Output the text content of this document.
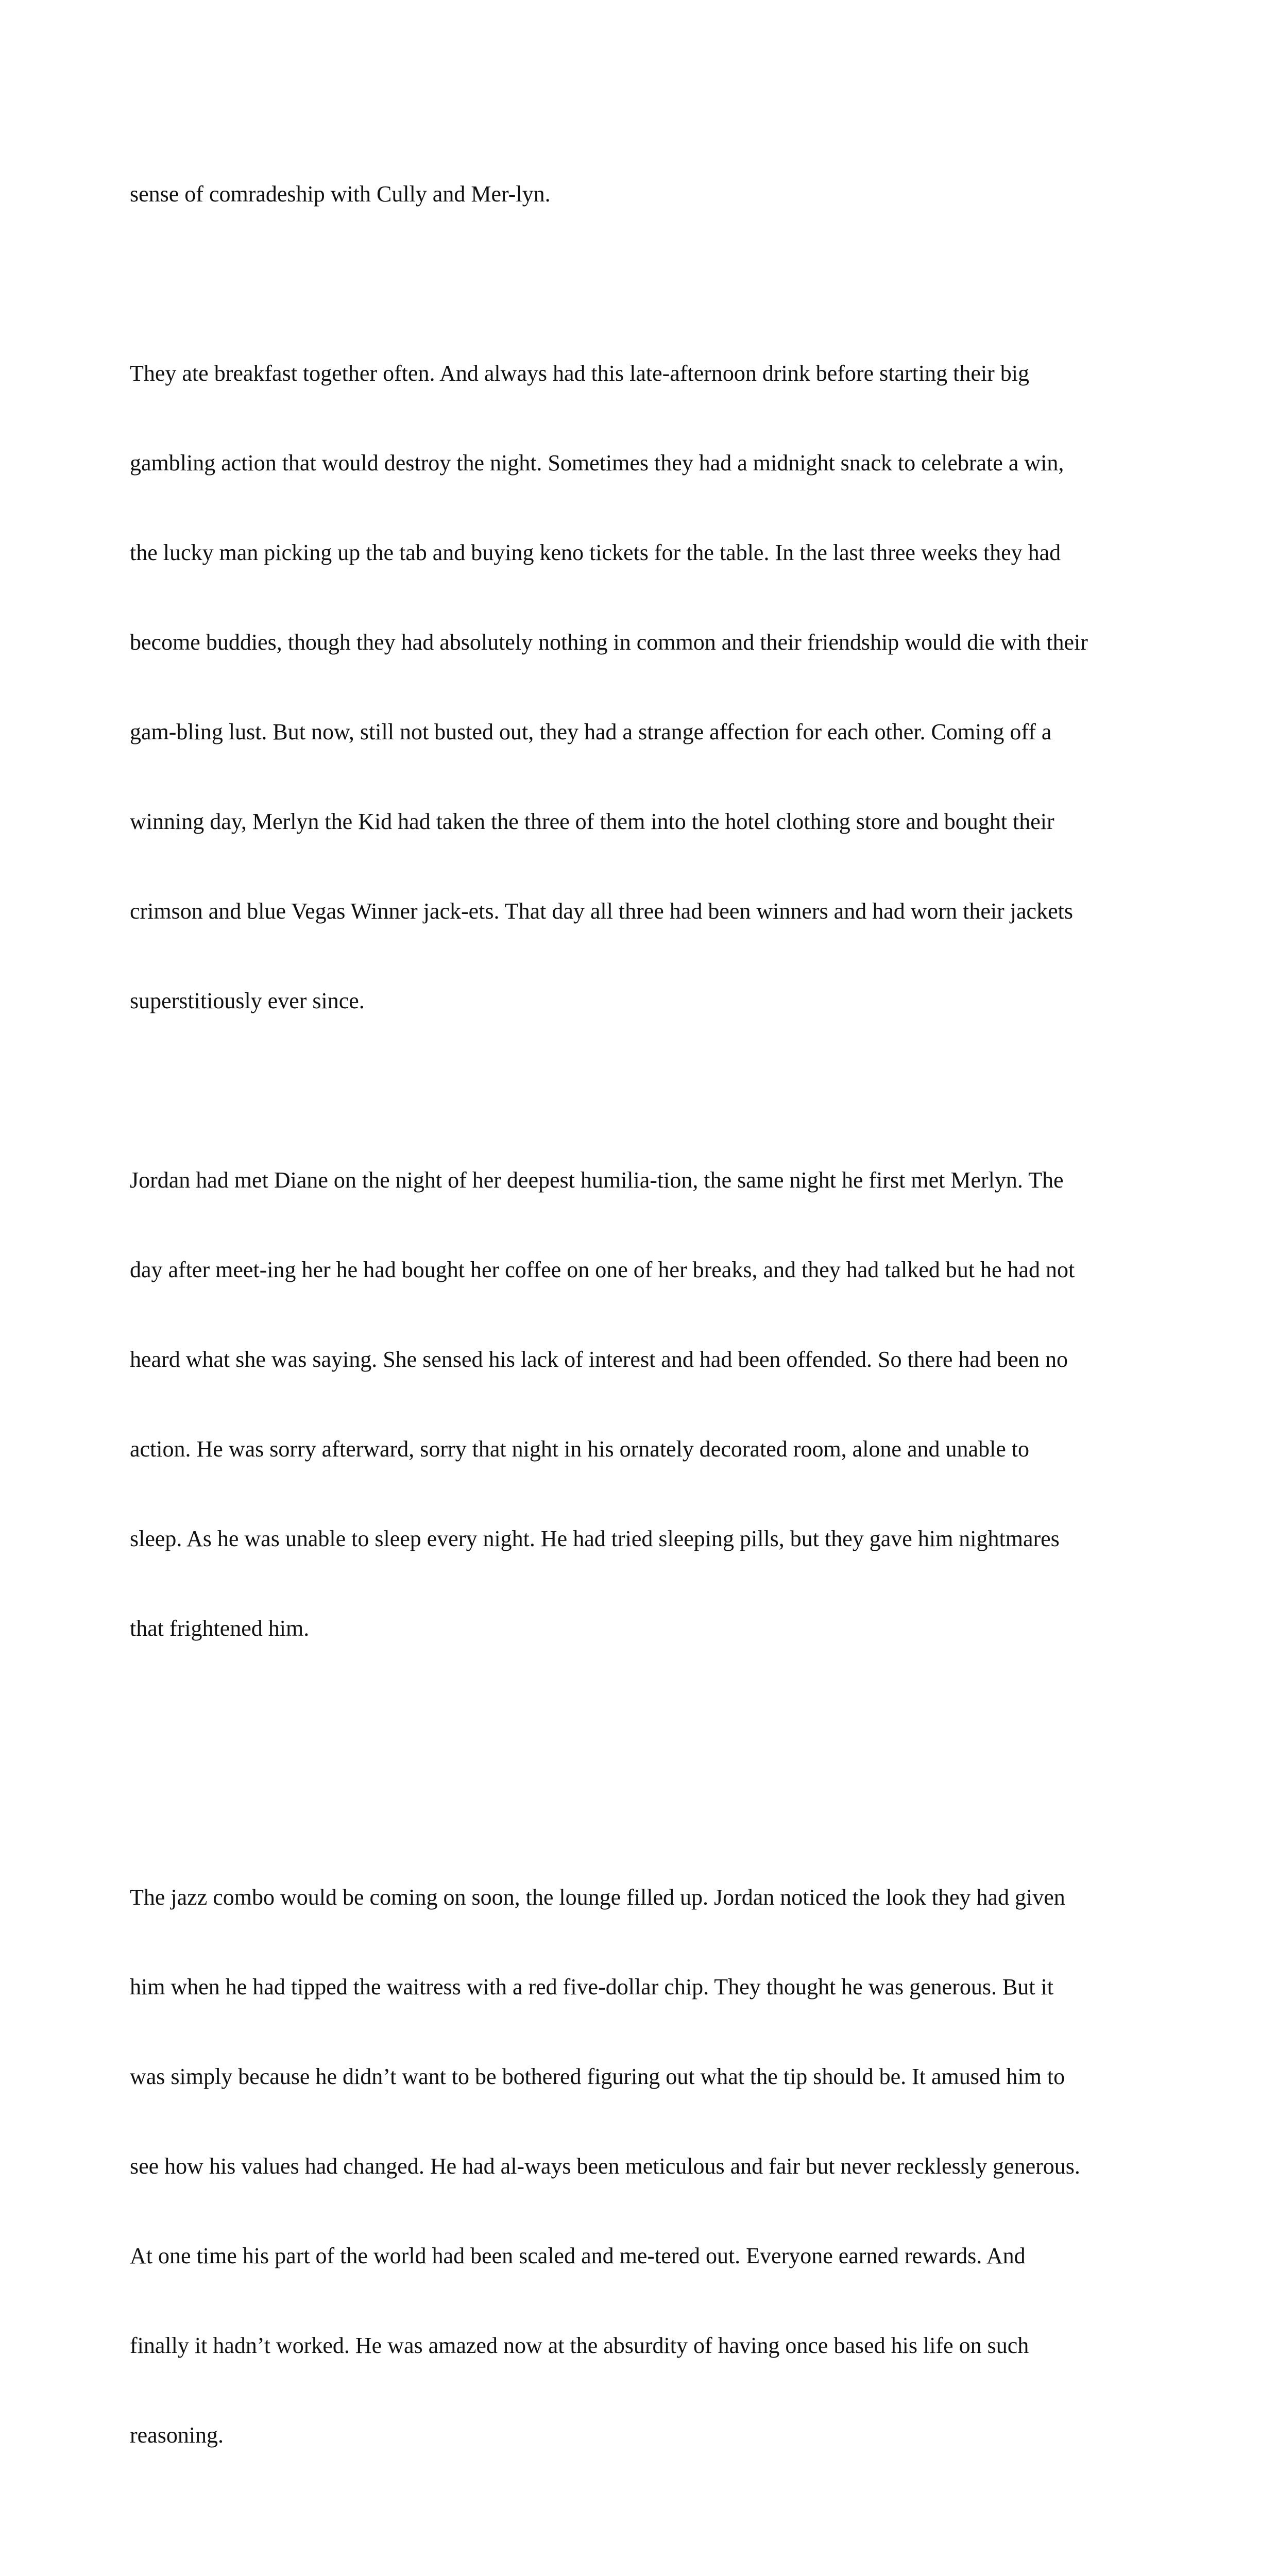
sense of comradeship with Cully and Mer-lyn.

They ate breakfast together often. And always had this late-afternoon drink before starting their big

gambling action that would destroy the night. Sometimes they had a midnight snack to celebrate a win,

the lucky man picking up the tab and buying keno tickets for the table. In the last three weeks they had

become buddies, though they had absolutely nothing in common and their friendship would die with their

gam-bling lust. But now, still not busted out, they had a strange affection for each other. Coming off a

winning day, Merlyn the Kid had taken the three of them into the hotel clothing store and bought their

crimson and blue Vegas Winner jack-ets. That day all three had been winners and had worn their jackets

superstitiously ever since.

Jordan had met Diane on the night of her deepest humilia-tion, the same night he first met Merlyn. The

day after meet-ing her he had bought her coffee on one of her breaks, and they had talked but he had not

heard what she was saying. She sensed his lack of interest and had been offended. So there had been no

action. He was sorry afterward, sorry that night in his ornately decorated room, alone and unable to

sleep. As he was unable to sleep every night. He had tried sleeping pills, but they gave him nightmares

that frightened him.

The jazz combo would be coming on soon, the lounge filled up. Jordan noticed the look they had given

him when he had tipped the waitress with a red five-dollar chip. They thought he was generous. But it

was simply because he didn’t want to be bothered figuring out what the tip should be. It amused him to

see how his values had changed. He had al-ways been meticulous and fair but never recklessly generous.

At one time his part of the world had been scaled and me-tered out. Everyone earned rewards. And

finally it hadn’t worked. He was amazed now at the absurdity of having once based his life on such

reasoning.
